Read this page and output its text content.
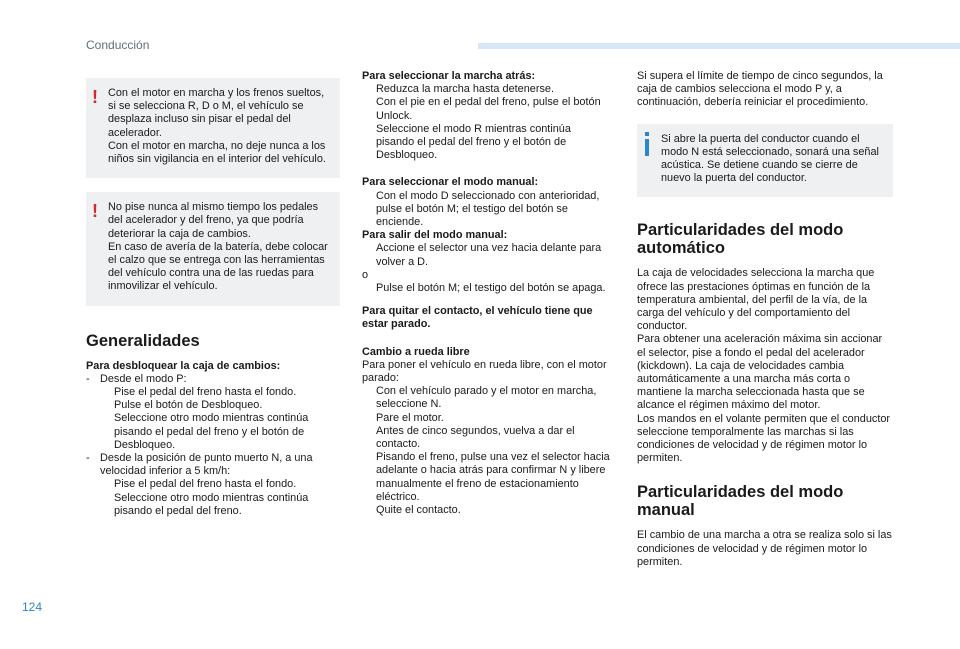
Conducción
124
! Con el motor en marcha y los frenos sueltos, si se selecciona R, D o M, el vehículo se desplaza incluso sin pisar el pedal del acelerador.
Con el motor en marcha, no deje nunca a los niños sin vigilancia en el interior del vehículo.

! No pise nunca al mismo tiempo los pedales del acelerador y del freno, ya que podría deteriorar la caja de cambios.
En caso de avería de la batería, debe colocar el calzo que se entrega con las herramientas del vehículo contra una de las ruedas para inmovilizar el vehículo.

Generalidades

Para desbloquear la caja de cambios:

- Desde el modo P:
Pise el pedal del freno hasta el fondo.
Pulse el botón de Desbloqueo.
Seleccione otro modo mientras continúa pisando el pedal del freno y el botón de Desbloqueo.
- Desde la posición de punto muerto N, a una velocidad inferior a 5 km/h:
Pise el pedal del freno hasta el fondo.
Seleccione otro modo mientras continúa pisando el pedal del freno.

Para seleccionar la marcha atrás:

Reduzca la marcha hasta detenerse.
Con el pie en el pedal del freno, pulse el botón Unlock.
Seleccione el modo R mientras continúa pisando el pedal del freno y el botón de Desbloqueo.

Para seleccionar el modo manual:

Con el modo D seleccionado con anterioridad,
pulse el botón M; el testigo del botón se enciende.

Para salir del modo manual:

Accione el selector una vez hacia delante para volver a D.

o

Pulse el botón M; el testigo del botón se apaga.

Para quitar el contacto, el vehículo tiene que estar parado.

Cambio a rueda libre

Para poner el vehículo en rueda libre, con el motor parado:

Con el vehículo parado y el motor en marcha, seleccione N.
Pare el motor.
Antes de cinco segundos, vuelva a dar el contacto.
Pisando el freno, pulse una vez el selector hacia adelante o hacia atrás para confirmar N y libere manualmente el freno de estacionamiento eléctrico.
Quite el contacto.

Si supera el límite de tiempo de cinco segundos, la caja de cambios selecciona el modo P y, a continuación, debería reiniciar el procedimiento.

Si abre la puerta del conductor cuando el modo N está seleccionado, sonará una señal acústica. Se detiene cuando se cierre de nuevo la puerta del conductor.

Particularidades del modo automático

La caja de velocidades selecciona la marcha que ofrece las prestaciones óptimas en función de la temperatura ambiental, del perfil de la vía, de la carga del vehículo y del comportamiento del conductor.
Para obtener una aceleración máxima sin accionar el selector, pise a fondo el pedal del acelerador (kickdown). La caja de velocidades cambia automáticamente a una marcha más corta o mantiene la marcha seleccionada hasta que se alcance el régimen máximo del motor.
Los mandos en el volante permiten que el conductor seleccione temporalmente las marchas si las condiciones de velocidad y de régimen motor lo permiten.

Particularidades del modo manual

El cambio de una marcha a otra se realiza solo si las condiciones de velocidad y de régimen motor lo permiten.
